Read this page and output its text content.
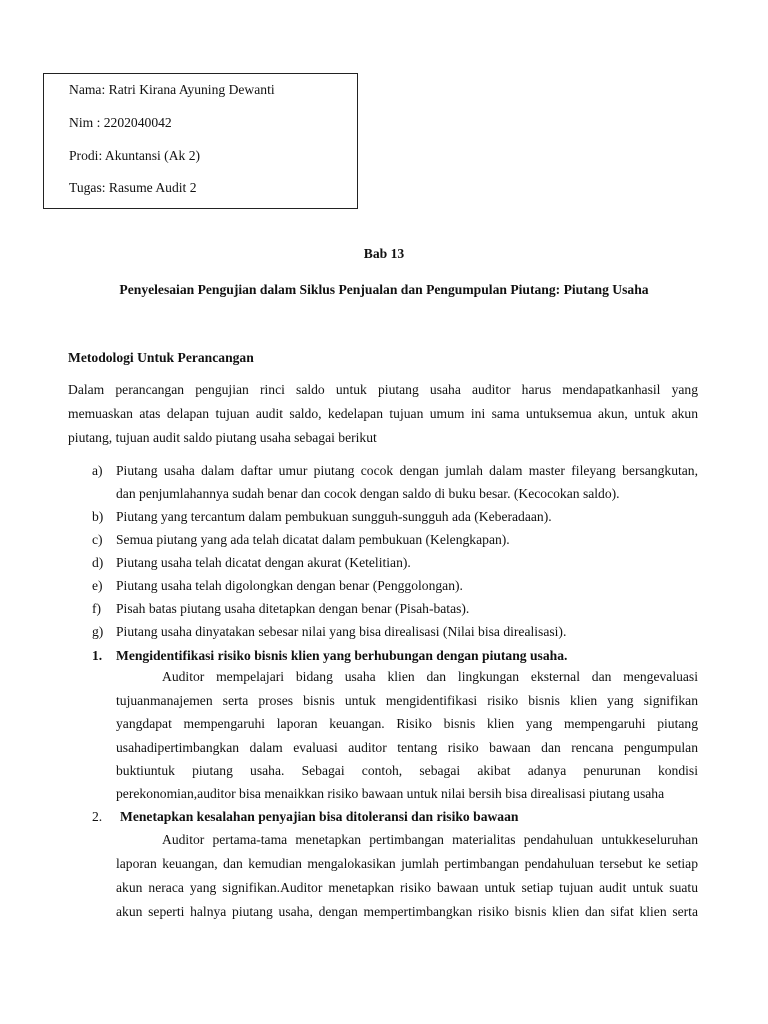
Nama: Ratri Kirana Ayuning Dewanti
Nim : 2202040042
Prodi: Akuntansi (Ak 2)
Tugas: Rasume Audit 2
Bab 13
Penyelesaian Pengujian dalam Siklus Penjualan dan Pengumpulan Piutang: Piutang Usaha
Metodologi Untuk Perancangan
Dalam perancangan pengujian rinci saldo untuk piutang usaha auditor harus mendapatkanhasil yang
memuaskan atas delapan tujuan audit saldo, kedelapan tujuan umum ini sama untuksemua akun, untuk akun
piutang, tujuan audit saldo piutang usaha sebagai berikut
a) Piutang usaha dalam daftar umur piutang cocok dengan jumlah dalam master fileyang bersangkutan,
dan penjumlahannya sudah benar dan cocok dengan saldo di buku besar. (Kecocokan saldo).
b) Piutang yang tercantum dalam pembukuan sungguh-sungguh ada (Keberadaan).
c) Semua piutang yang ada telah dicatat dalam pembukuan (Kelengkapan).
d) Piutang usaha telah dicatat dengan akurat (Ketelitian).
e) Piutang usaha telah digolongkan dengan benar (Penggolongan).
f) Pisah batas piutang usaha ditetapkan dengan benar (Pisah-batas).
g) Piutang usaha dinyatakan sebesar nilai yang bisa direalisasi (Nilai bisa direalisasi).
1. Mengidentifikasi risiko bisnis klien yang berhubungan dengan piutang usaha.
Auditor mempelajari bidang usaha klien dan lingkungan eksternal dan mengevaluasi
tujuanmanajemen serta proses bisnis untuk mengidentifikasi risiko bisnis klien yang signifikan
yangdapat mempengaruhi laporan keuangan. Risiko bisnis klien yang mempengaruhi piutang
usahadipertimbangkan dalam evaluasi auditor tentang risiko bawaan dan rencana pengumpulan
buktiuntuk piutang usaha. Sebagai contoh, sebagai akibat adanya penurunan kondisi
perekonomian,auditor bisa menaikkan risiko bawaan untuk nilai bersih bisa direalisasi piutang usaha
2. Menetapkan kesalahan penyajian bisa ditoleransi dan risiko bawaan
Auditor pertama-tama menetapkan pertimbangan materialitas pendahuluan untukkeseluruhan
laporan keuangan, dan kemudian mengalokasikan jumlah pertimbangan pendahuluan tersebut ke setiap
akun neraca yang signifikan.Auditor menetapkan risiko bawaan untuk setiap tujuan audit untuk suatu
akun seperti halnya piutang usaha, dengan mempertimbangkan risiko bisnis klien dan sifat klien serta
